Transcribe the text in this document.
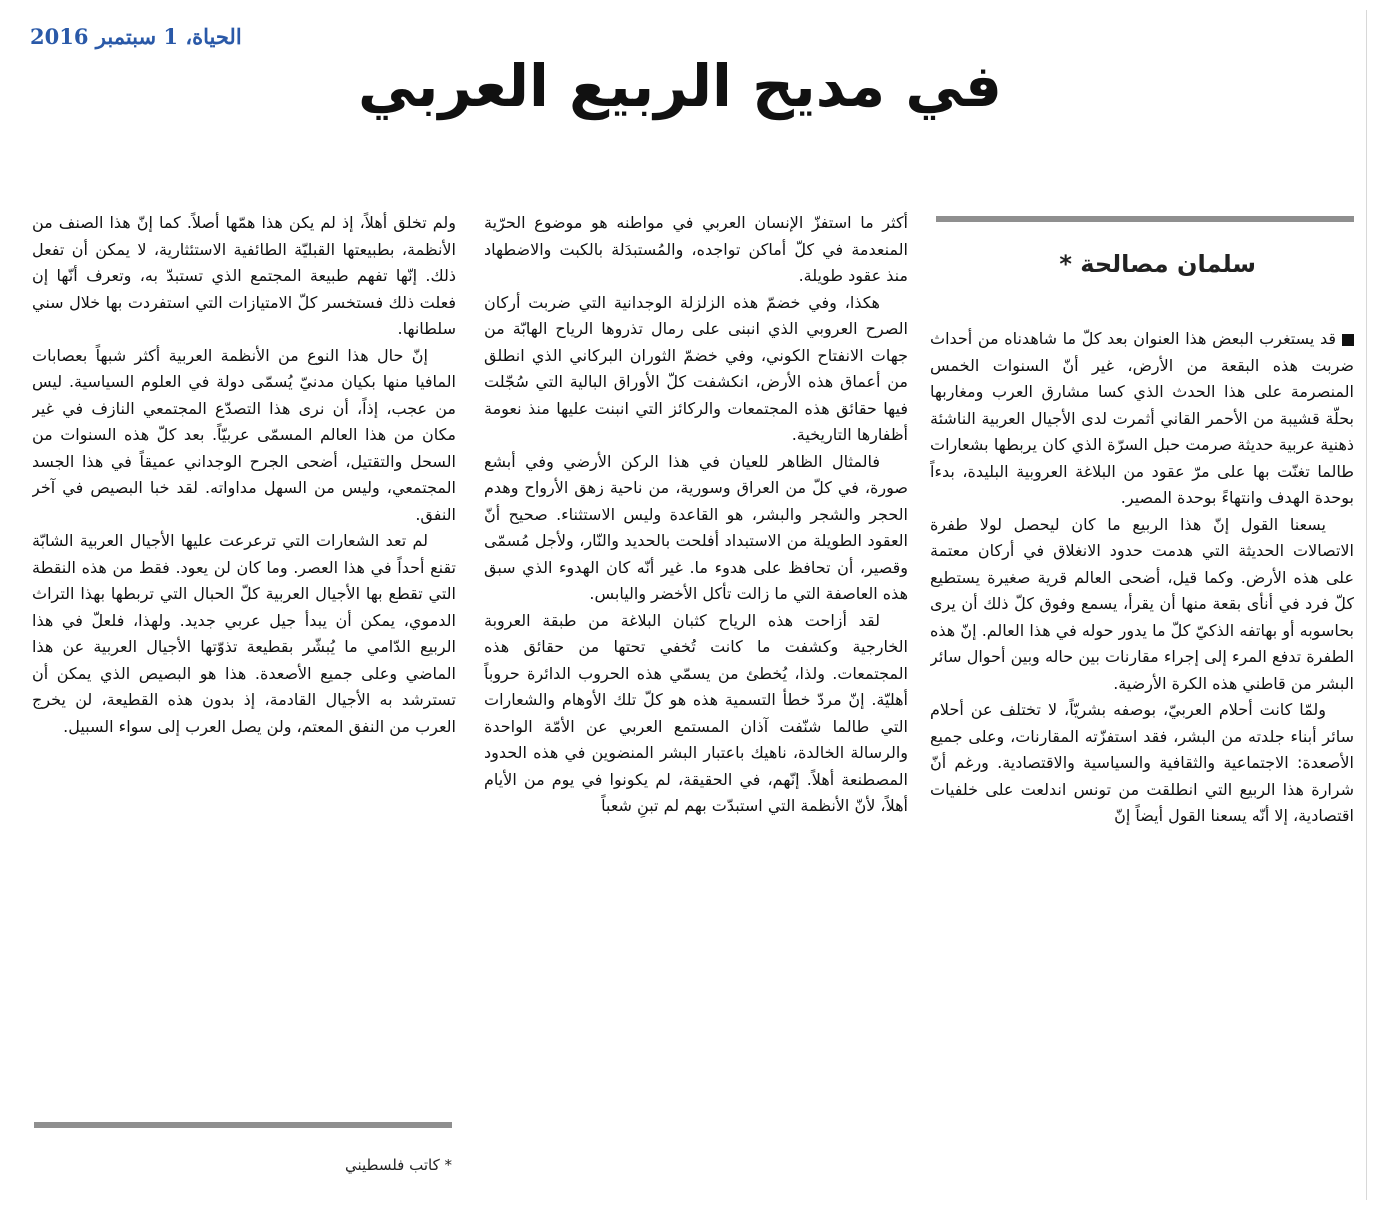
الحياة، 1 سبتمبر 2016
في مديح الربيع العربي
سلمان مصالحة *

قد يستغرب البعض هذا العنوان بعد كلّ ما شاهدناه من أحداث ضربت هذه البقعة من الأرض، غير أنّ السنوات الخمس المنصرمة على هذا الحدث الذي كسا مشارق العرب ومغاربها بحلّة قشيبة من الأحمر القاني أثمرت لدى الأجيال العربية الناشئة ذهنية عربية حديثة صرمت حبل السرّة الذي كان يربطها بشعارات طالما تغنّت بها على مرّ عقود من البلاغة العروبية البليدة، بدءاً بوحدة الهدف وانتهاءً بوحدة المصير.

يسعنا القول إنّ هذا الربيع ما كان ليحصل لولا طفرة الاتصالات الحديثة التي هدمت حدود الانغلاق في أركان معتمة على هذه الأرض. وكما قيل، أضحى العالم قرية صغيرة يستطيع كلّ فرد في أنأى بقعة منها أن يقرأ، يسمع وفوق كلّ ذلك أن يرى بحاسوبه أو بهاتفه الذكيّ كلّ ما يدور حوله في هذا العالم. إنّ هذه الطفرة تدفع المرء إلى إجراء مقارنات بين حاله وبين أحوال سائر البشر من قاطني هذه الكرة الأرضية.

ولمّا كانت أحلام العربيّ، بوصفه بشريّاً، لا تختلف عن أحلام سائر أبناء جلدته من البشر، فقد استفزّته المقارنات، وعلى جميع الأصعدة: الاجتماعية والثقافية والسياسية والاقتصادية. ورغم أنّ شرارة هذا الربيع التي انطلقت من تونس اندلعت على خلفيات اقتصادية، إلا أنّه يسعنا القول أيضاً إنّ

أكثر ما استفزّ الإنسان العربي في مواطنه هو موضوع الحرّية المنعدمة في كلّ أماكن تواجده، والمُستبدَلة بالكبت والاضطهاد منذ عقود طويلة.

هكذا، وفي خضمّ هذه الزلزلة الوجدانية التي ضربت أركان الصرح العروبي الذي انبنى على رمال تذروها الرياح الهابّة من جهات الانفتاح الكوني، وفي خضمّ الثوران البركاني الذي انطلق من أعماق هذه الأرض، انكشفت كلّ الأوراق البالية التي سُجّلت فيها حقائق هذه المجتمعات والركائز التي انبنت عليها منذ نعومة أظفارها التاريخية.

فالمثال الظاهر للعيان في هذا الركن الأرضي وفي أبشع صورة، في كلّ من العراق وسورية، من ناحية زهق الأرواح وهدم الحجر والشجر والبشر، هو القاعدة وليس الاستثناء. صحيح أنّ العقود الطويلة من الاستبداد أفلحت بالحديد والنّار، ولأجل مُسمّى وقصير، أن تحافظ على هدوء ما. غير أنّه كان الهدوء الذي سبق هذه العاصفة التي ما زالت تأكل الأخضر واليابس.

لقد أزاحت هذه الرياح كثبان البلاغة من طبقة العروبة الخارجية وكشفت ما كانت تُخفي تحتها من حقائق هذه المجتمعات. ولذا، يُخطئ من يسمّي هذه الحروب الدائرة حروباً أهليّة. إنّ مردّ خطأ التسمية هذه هو كلّ تلك الأوهام والشعارات التي طالما شنّفت آذان المستمع العربي عن الأمّة الواحدة والرسالة الخالدة، ناهيك باعتبار البشر المنضوين في هذه الحدود المصطنعة أهلاً. إنّهم، في الحقيقة، لم يكونوا في يوم من الأيام أهلاً، لأنّ الأنظمة التي استبدّت بهم لم تبنِ شعباً

ولم تخلق أهلاً، إذ لم يكن هذا همّها أصلاً. كما إنّ هذا الصنف من الأنظمة، بطبيعتها القبليّة الطائفية الاستئثارية، لا يمكن أن تفعل ذلك. إنّها تفهم طبيعة المجتمع الذي تستبدّ به، وتعرف أنّها إن فعلت ذلك فستخسر كلّ الامتيازات التي استفردت بها خلال سني سلطانها.

إنّ حال هذا النوع من الأنظمة العربية أكثر شبهاً بعصابات المافيا منها بكيان مدنيّ يُسمّى دولة في العلوم السياسية. ليس من عجب، إذاً، أن نرى هذا التصدّع المجتمعي النازف في غير مكان من هذا العالم المسمّى عربيّاً. بعد كلّ هذه السنوات من السحل والتقتيل، أضحى الجرح الوجداني عميقاً في هذا الجسد المجتمعي، وليس من السهل مداواته. لقد خبا البصيص في آخر النفق.

لم تعد الشعارات التي ترعرعت عليها الأجيال العربية الشابّة تقنع أحداً في هذا العصر. وما كان لن يعود. فقط من هذه النقطة التي تقطع بها الأجيال العربية كلّ الحبال التي تربطها بهذا التراث الدموي، يمكن أن يبدأ جيل عربي جديد. ولهذا، فلعلّ في هذا الربيع الدّامي ما يُبشّر بقطيعة تذوّتها الأجيال العربية عن هذا الماضي وعلى جميع الأصعدة. هذا هو البصيص الذي يمكن أن تسترشد به الأجيال القادمة، إذ بدون هذه القطيعة، لن يخرج العرب من النفق المعتم، ولن يصل العرب إلى سواء السبيل.

* كاتب فلسطيني
